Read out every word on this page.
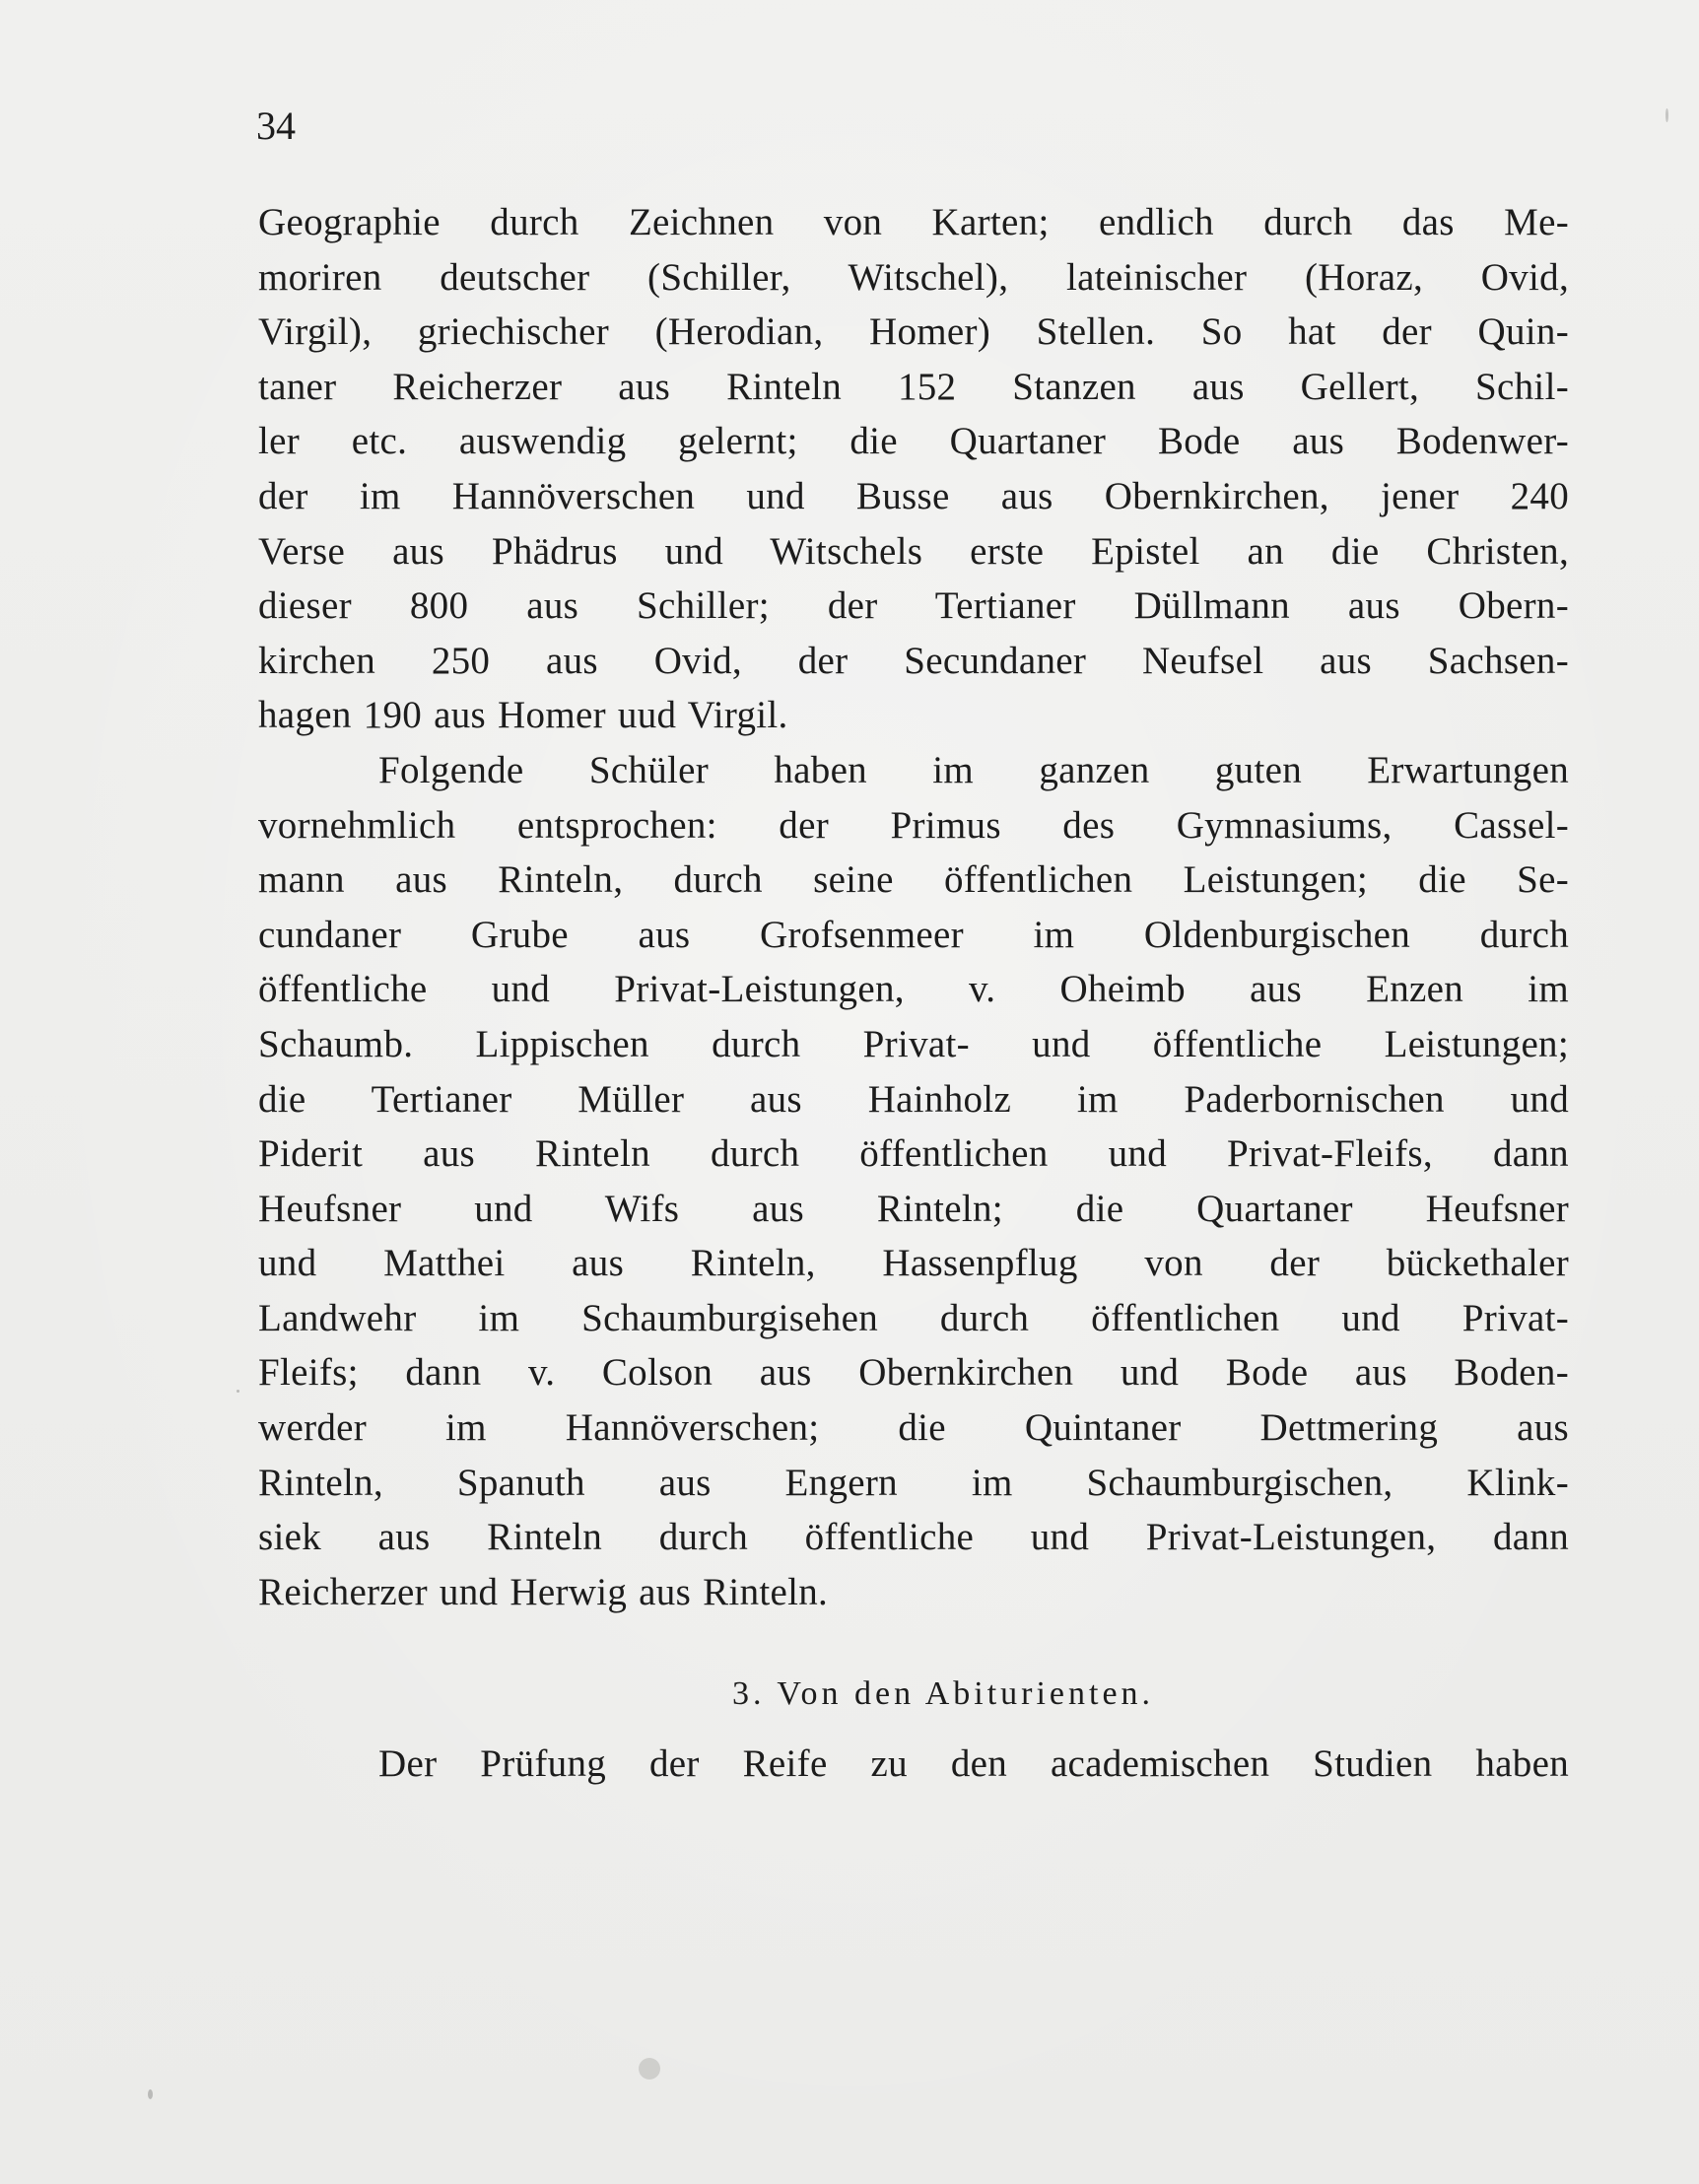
34
Geographie durch Zeichnen von Karten; endlich durch das Me-
moriren deutscher (Schiller, Witschel), lateinischer (Horaz, Ovid,
Virgil), griechischer (Herodian, Homer) Stellen. So hat der Quin-
taner Reicherzer aus Rinteln 152 Stanzen aus Gellert, Schil-
ler etc. auswendig gelernt; die Quartaner Bode aus Bodenwer-
der im Hannöverschen und Busse aus Obernkirchen, jener 240
Verse aus Phädrus und Witschels erste Epistel an die Christen,
dieser 800 aus Schiller; der Tertianer Düllmann aus Obern-
kirchen 250 aus Ovid, der Secundaner Neufsel aus Sachsen-
hagen 190 aus Homer uud Virgil.
Folgende Schüler haben im ganzen guten Erwartungen
vornehmlich entsprochen: der Primus des Gymnasiums, Cassel-
mann aus Rinteln, durch seine öffentlichen Leistungen; die Se-
cundaner Grube aus Grofsenmeer im Oldenburgischen durch
öffentliche und Privat-Leistungen, v. Oheimb aus Enzen im
Schaumb. Lippischen durch Privat- und öffentliche Leistungen;
die Tertianer Müller aus Hainholz im Paderbornischen und
Piderit aus Rinteln durch öffentlichen und Privat-Fleifs, dann
Heufsner und Wifs aus Rinteln; die Quartaner Heufsner
und Matthei aus Rinteln, Hassenpflug von der bückethaler
Landwehr im Schaumburgisehen durch öffentlichen und Privat-
Fleifs; dann v. Colson aus Obernkirchen und Bode aus Boden-
werder im Hannöverschen; die Quintaner Dettmering aus
Rinteln, Spanuth aus Engern im Schaumburgischen, Klink-
siek aus Rinteln durch öffentliche und Privat-Leistungen, dann
Reicherzer und Herwig aus Rinteln.
3. Von den Abiturienten.
Der Prüfung der Reife zu den academischen Studien haben
